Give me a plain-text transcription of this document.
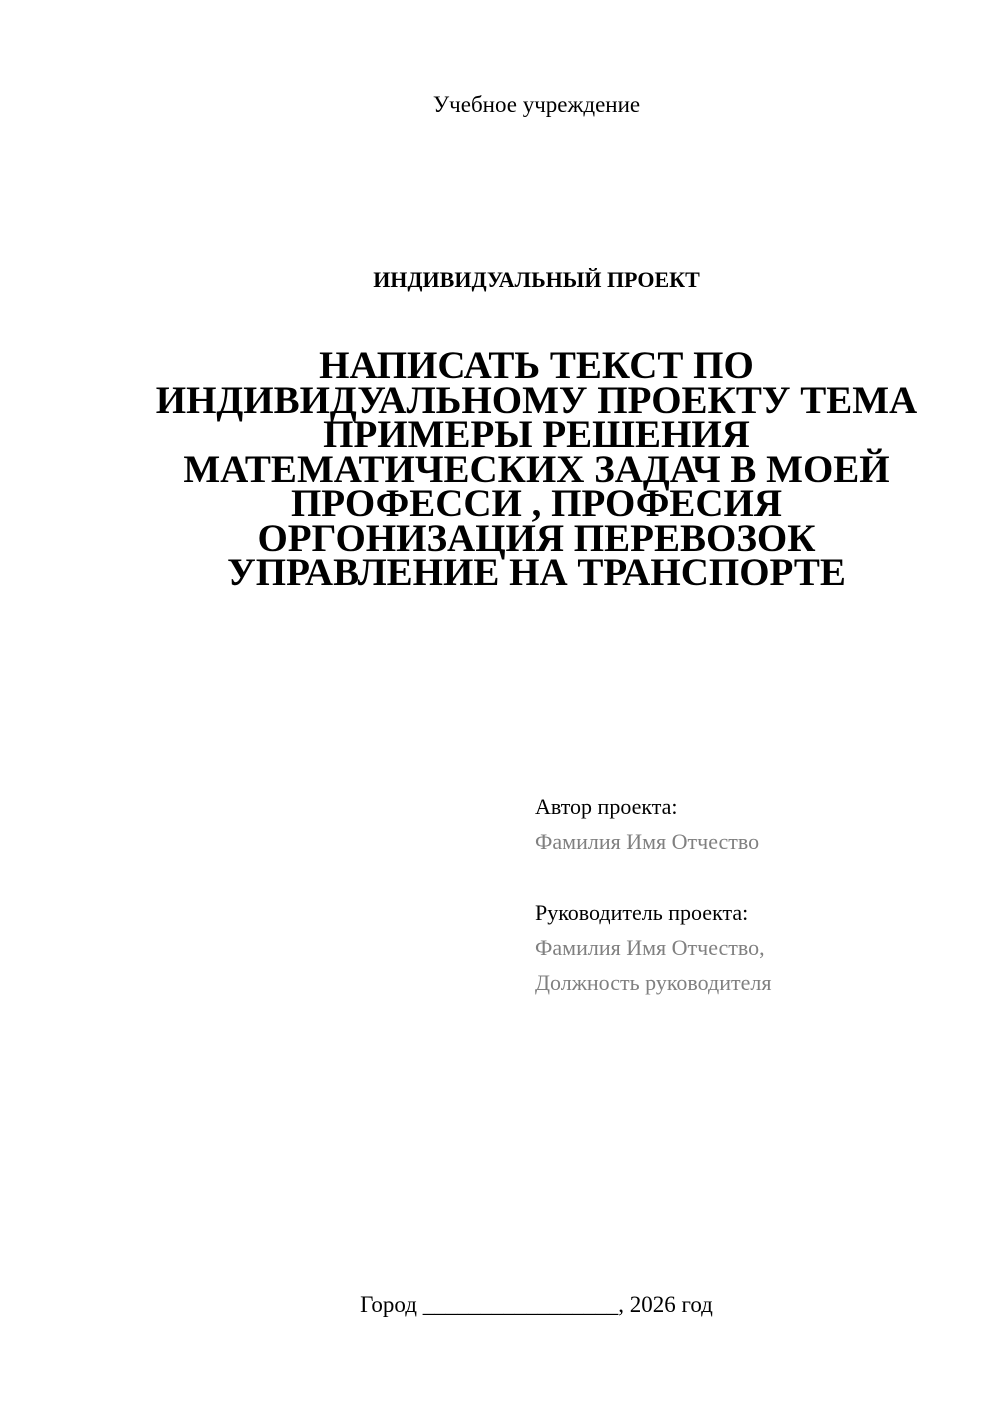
Учебное учреждение
ИНДИВИДУАЛЬНЫЙ ПРОЕКТ
НАПИСАТЬ ТЕКСТ ПО
ИНДИВИДУАЛЬНОМУ ПРОЕКТУ ТЕМА
ПРИМЕРЫ РЕШЕНИЯ
МАТЕМАТИЧЕСКИХ ЗАДАЧ В МОЕЙ
ПРОФЕССИ , ПРОФЕСИЯ
ОРГОНИЗАЦИЯ ПЕРЕВОЗОК
УПРАВЛЕНИЕ НА ТРАНСПОРТЕ
Автор проекта:
Фамилия Имя Отчество
Руководитель проекта:
Фамилия Имя Отчество,
Должность руководителя
Город _________________, 2026 год
